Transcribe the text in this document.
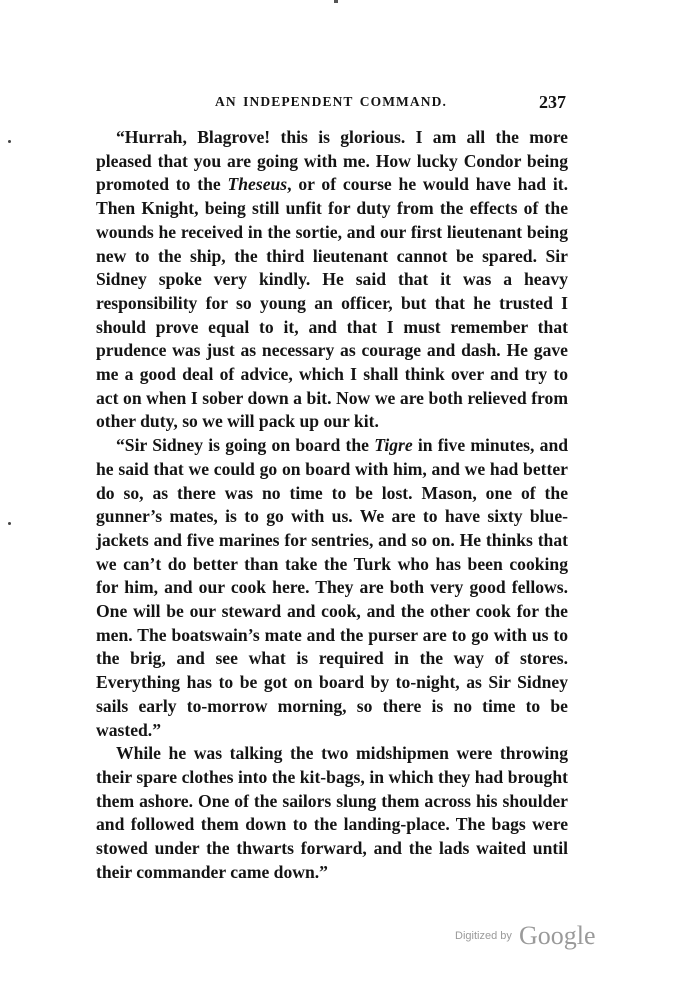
AN INDEPENDENT COMMAND.	237

“Hurrah, Blagrove! this is glorious. I am all the more pleased that you are going with me. How lucky Condor being promoted to the Theseus, or of course he would have had it. Then Knight, being still unfit for duty from the effects of the wounds he received in the sortie, and our first lieutenant being new to the ship, the third lieutenant cannot be spared. Sir Sidney spoke very kindly. He said that it was a heavy responsibility for so young an officer, but that he trusted I should prove equal to it, and that I must remember that prudence was just as necessary as courage and dash. He gave me a good deal of advice, which I shall think over and try to act on when I sober down a bit. Now we are both relieved from other duty, so we will pack up our kit.

“Sir Sidney is going on board the Tigre in five minutes, and he said that we could go on board with him, and we had better do so, as there was no time to be lost. Mason, one of the gunner’s mates, is to go with us. We are to have sixty blue-jackets and five marines for sentries, and so on. He thinks that we can’t do better than take the Turk who has been cooking for him, and our cook here. They are both very good fellows. One will be our steward and cook, and the other cook for the men. The boatswain’s mate and the purser are to go with us to the brig, and see what is required in the way of stores. Everything has to be got on board by to-night, as Sir Sidney sails early to-morrow morning, so there is no time to be wasted.”

While he was talking the two midshipmen were throwing their spare clothes into the kit-bags, in which they had brought them ashore. One of the sailors slung them across his shoulder and followed them down to the landing-place. The bags were stowed under the thwarts forward, and the lads waited until their commander came down.”

Digitized by Google
